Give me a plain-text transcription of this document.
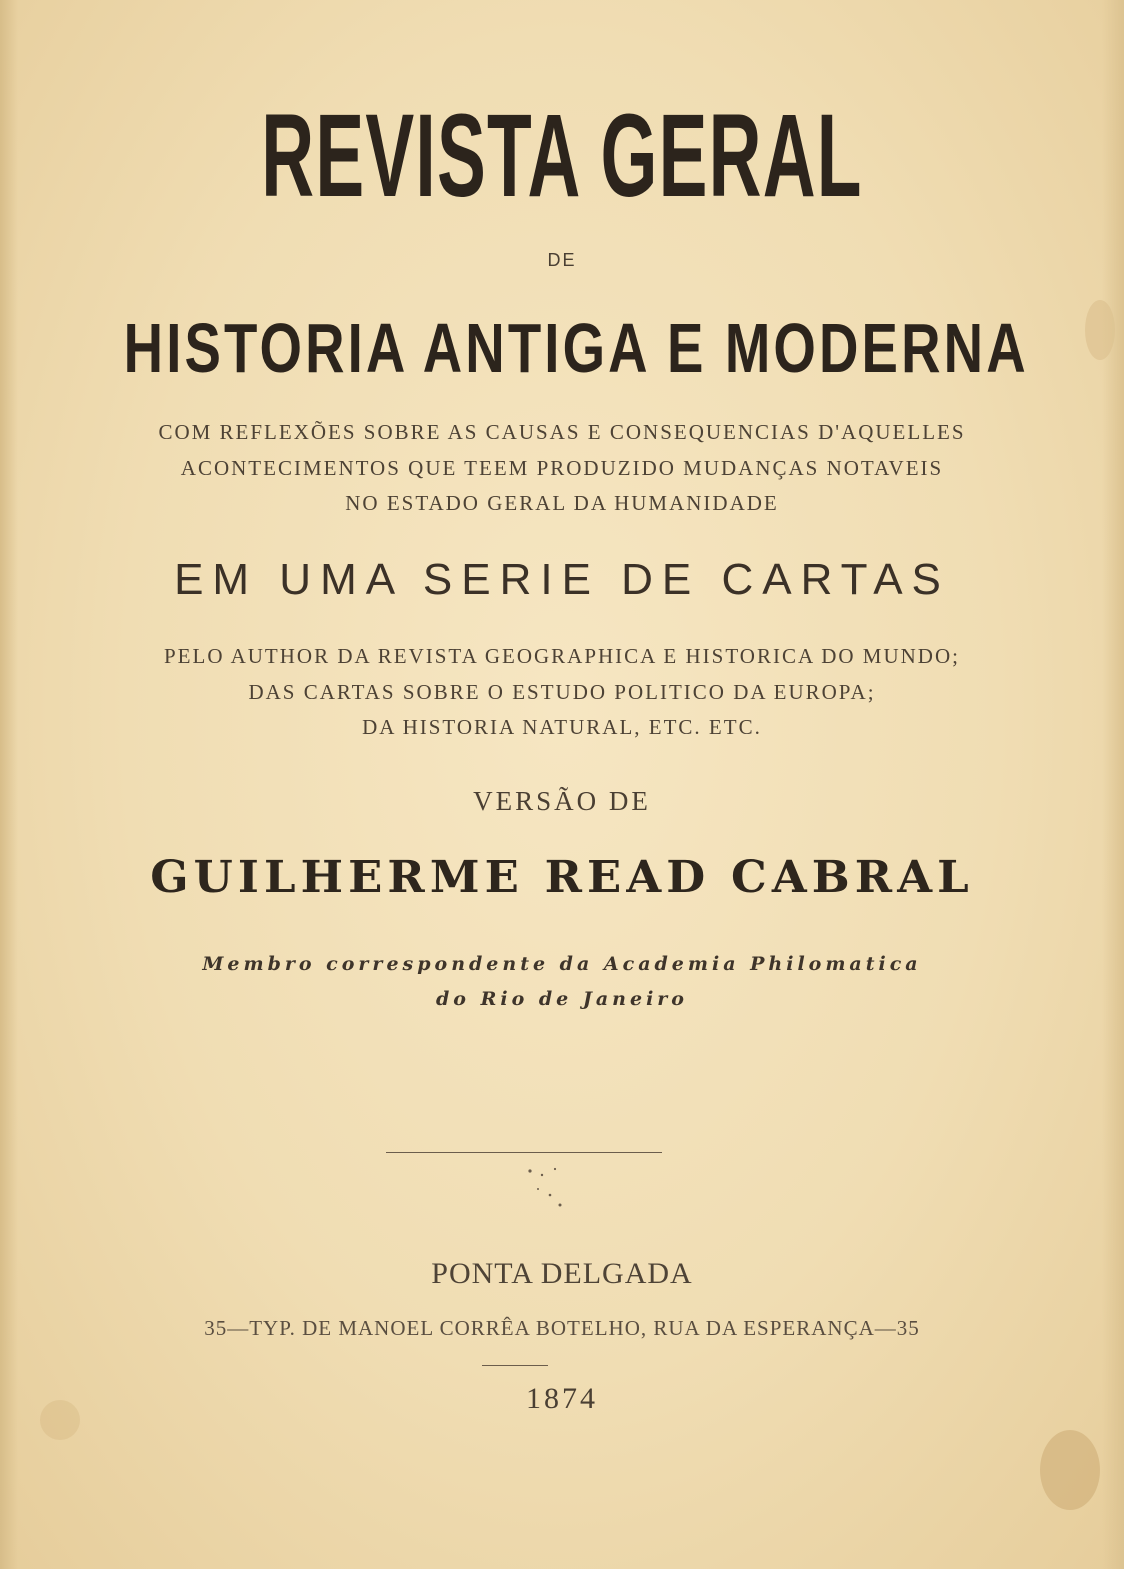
REVISTA GERAL
DE
HISTORIA ANTIGA E MODERNA
COM REFLEXÕES SOBRE AS CAUSAS E CONSEQUENCIAS D'AQUELLES
ACONTECIMENTOS QUE TEEM PRODUZIDO MUDANÇAS NOTAVEIS
NO ESTADO GERAL DA HUMANIDADE
EM UMA SERIE DE CARTAS
PELO AUTHOR DA REVISTA GEOGRAPHICA E HISTORICA DO MUNDO;
DAS CARTAS SOBRE O ESTUDO POLITICO DA EUROPA;
DA HISTORIA NATURAL, ETC. ETC.
VERSÃO DE
GUILHERME READ CABRAL
Membro correspondente da Academia Philomatica
do Rio de Janeiro
PONTA DELGADA
35—TYP. DE MANOEL CORRÊA BOTELHO, RUA DA ESPERANÇA—35
1874
